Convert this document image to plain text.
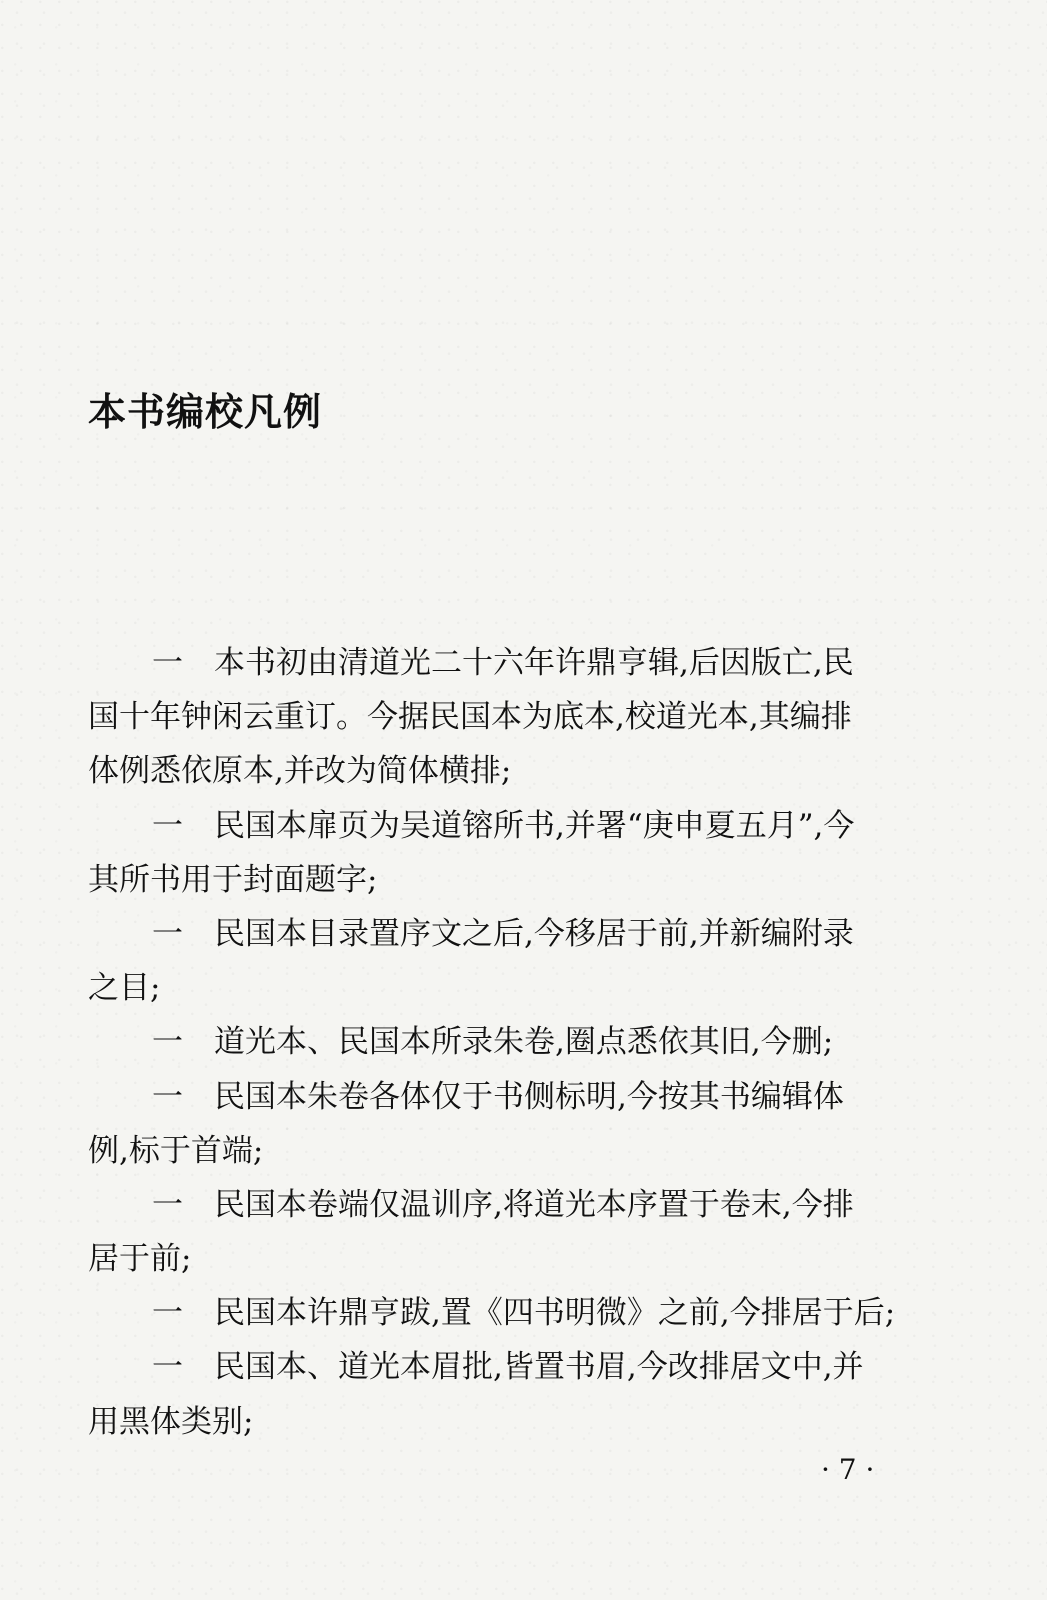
本书编校凡例
一　本书初由清道光二十六年许鼎亨辑,后因版亡,民
国十年钟闲云重订。今据民国本为底本,校道光本,其编排
体例悉依原本,并改为简体横排;
一　民国本扉页为吴道镕所书,并署“庚申夏五月”,今
其所书用于封面题字;
一　民国本目录置序文之后,今移居于前,并新编附录
之目;
一　道光本、民国本所录朱卷,圈点悉依其旧,今删;
一　民国本朱卷各体仅于书侧标明,今按其书编辑体
例,标于首端;
一　民国本卷端仅温训序,将道光本序置于卷末,今排
居于前;
一　民国本许鼎亨跋,置《四书明微》之前,今排居于后;
一　民国本、道光本眉批,皆置书眉,今改排居文中,并
用黑体类别;
· 7 ·
